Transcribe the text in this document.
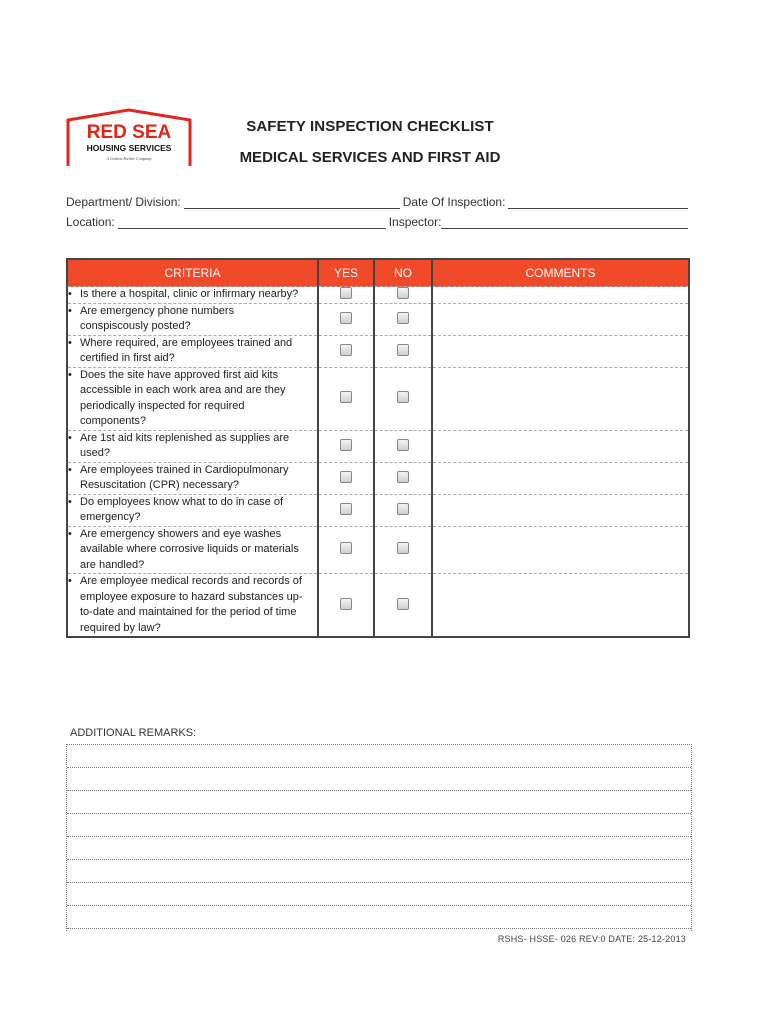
RED SEA
HOUSING SERVICES
A Gedeon Richter Company
SAFETY INSPECTION CHECKLIST
MEDICAL SERVICES AND FIRST AID
Department/ Division:	Date Of Inspection:
Location:	Inspector:
CRITERIA	YES	NO	COMMENTS

• Is there a hospital, clinic or infirmary nearby?			

• Are emergency phone numbers
conspiscously posted?			

• Where required, are employees trained and
certified in first aid?			

• Does the site have approved first aid kits
accessible in each work area and are they
periodically inspected for required
components?			

• Are 1st aid kits replenished as supplies are
used?			

• Are employees trained in Cardiopulmonary
Resuscitation (CPR) necessary?			

• Do employees know what to do in case of
emergency?			

• Are emergency showers and eye washes
available where corrosive liquids or materials
are handled?			

• Are employee medical records and records of
employee exposure to hazard substances up-
to-date and maintained for the period of time
required by law?			

ADDITIONAL REMARKS:
RSHS- HSSE- 026 REV:0 DATE: 25-12-2013
